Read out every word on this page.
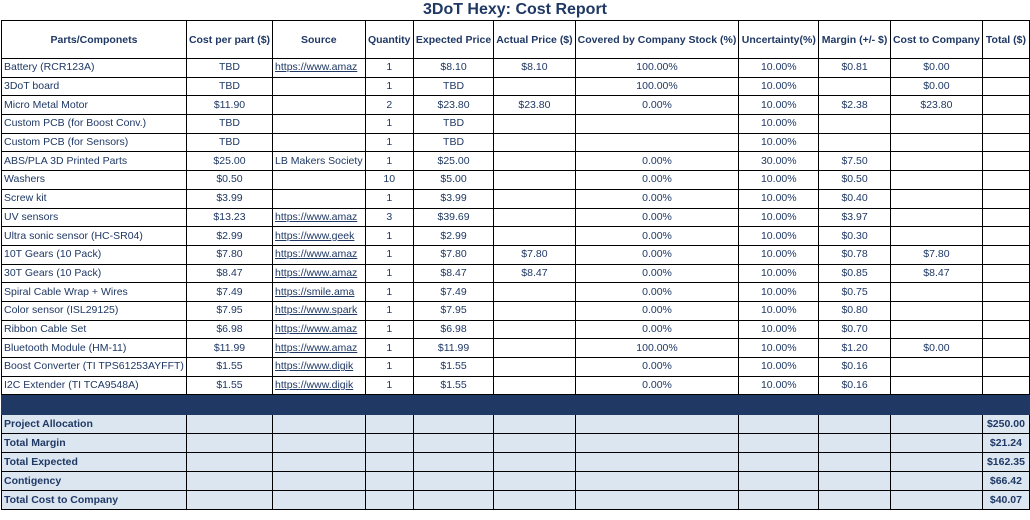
3DoT Hexy: Cost Report
Parts/Componets	Cost per part ($)	Source	Quantity	Expected Price	Actual Price ($)	Covered by Company Stock (%)	Uncertainty(%)	Margin (+/- $)	Cost to Company	Total ($)
Battery (RCR123A)	TBD	https://www.amaz	1	$8.10	$8.10	100.00%	10.00%	$0.81	$0.00	
3DoT board	TBD		1	TBD		100.00%	10.00%		$0.00	
Micro Metal Motor	$11.90		2	$23.80	$23.80	0.00%	10.00%	$2.38	$23.80	
Custom PCB (for Boost Conv.)	TBD		1	TBD			10.00%			
Custom PCB (for Sensors)	TBD		1	TBD			10.00%			
ABS/PLA 3D Printed Parts	$25.00	LB Makers Society	1	$25.00		0.00%	30.00%	$7.50		
Washers	$0.50		10	$5.00		0.00%	10.00%	$0.50		
Screw kit	$3.99		1	$3.99		0.00%	10.00%	$0.40		
UV sensors	$13.23	https://www.amaz	3	$39.69		0.00%	10.00%	$3.97		
Ultra sonic sensor (HC-SR04)	$2.99	https://www.geek	1	$2.99		0.00%	10.00%	$0.30		
10T Gears (10 Pack)	$7.80	https://www.amaz	1	$7.80	$7.80	0.00%	10.00%	$0.78	$7.80	
30T Gears (10 Pack)	$8.47	https://www.amaz	1	$8.47	$8.47	0.00%	10.00%	$0.85	$8.47	
Spiral Cable Wrap + Wires	$7.49	https://smile.ama	1	$7.49		0.00%	10.00%	$0.75		
Color sensor (ISL29125)	$7.95	https://www.spark	1	$7.95		0.00%	10.00%	$0.80		
Ribbon Cable Set	$6.98	https://www.amaz	1	$6.98		0.00%	10.00%	$0.70		
Bluetooth Module (HM-11)	$11.99	https://www.amaz	1	$11.99		100.00%	10.00%	$1.20	$0.00	
Boost Converter (TI TPS61253AYFFT)	$1.55	https://www.digik	1	$1.55		0.00%	10.00%	$0.16		
I2C Extender (TI TCA9548A)	$1.55	https://www.digik	1	$1.55		0.00%	10.00%	$0.16		

Project Allocation										$250.00
Total Margin										$21.24
Total Expected										$162.35
Contigency										$66.42
Total Cost to Company										$40.07
